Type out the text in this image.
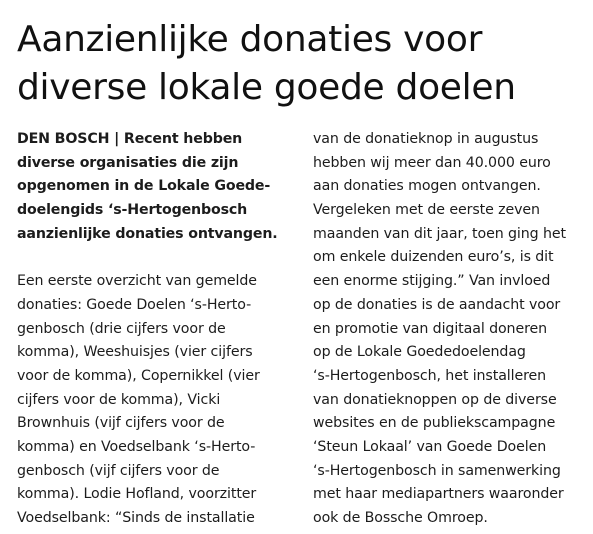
Aanzienlijke donaties voor
diverse lokale goede doelen
DEN BOSCH | Recent hebben
diverse organisaties die zijn
opgenomen in de Lokale Goede-
doelengids ‘s-Hertogenbosch
aanzienlijke donaties ontvangen.
Een eerste overzicht van gemelde
donaties: Goede Doelen ‘s-Herto-
genbosch (drie cijfers voor de
komma), Weeshuisjes (vier cijfers
voor de komma), Copernikkel (vier
cijfers voor de komma), Vicki
Brownhuis (vijf cijfers voor de
komma) en Voedselbank ‘s-Herto-
genbosch (vijf cijfers voor de
komma). Lodie Hofland, voorzitter
Voedselbank: “Sinds de installatie
van de donatieknop in augustus
hebben wij meer dan 40.000 euro
aan donaties mogen ontvangen.
Vergeleken met de eerste zeven
maanden van dit jaar, toen ging het
om enkele duizenden euro’s, is dit
een enorme stijging.” Van invloed
op de donaties is de aandacht voor
en promotie van digitaal doneren
op de Lokale Goededoelendag
‘s-Hertogenbosch, het installeren
van donatieknoppen op de diverse
websites en de publiekscampagne
‘Steun Lokaal’ van Goede Doelen
‘s-Hertogenbosch in samenwerking
met haar mediapartners waaronder
ook de Bossche Omroep.
